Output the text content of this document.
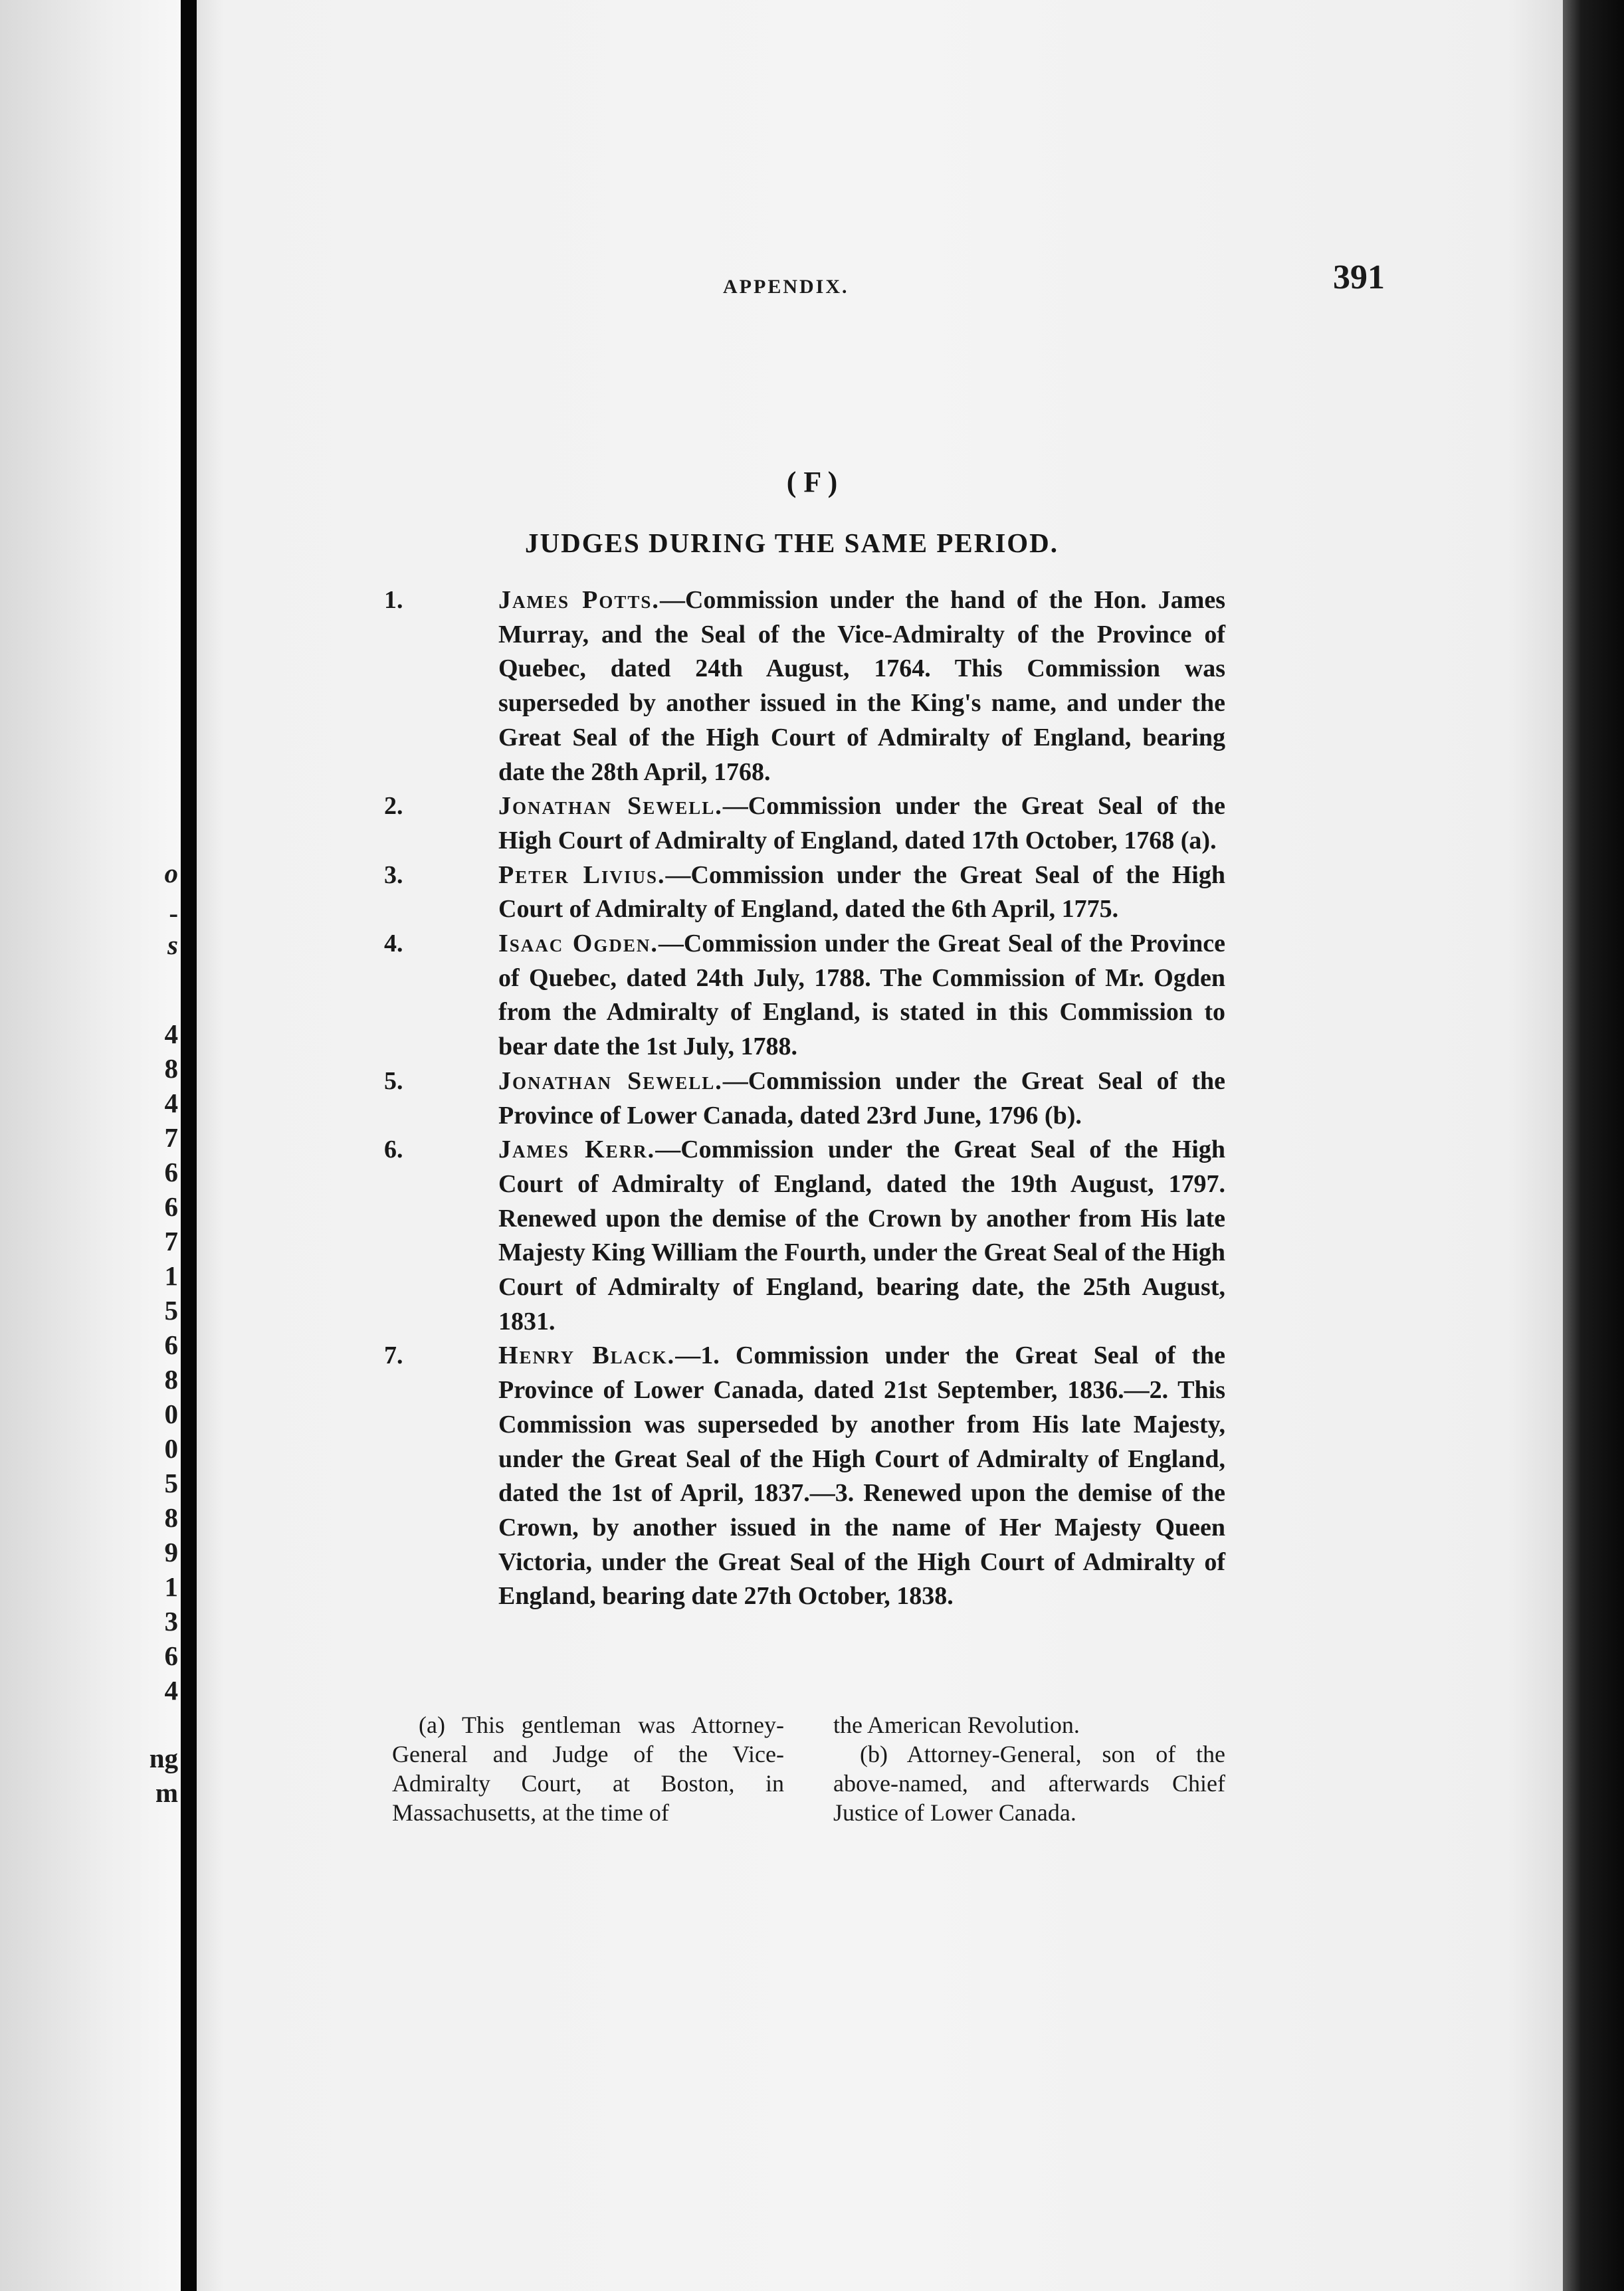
o

-

s

4

8

4

7

6

6

7

1

5

6

8

0

0

5

8

9

1

3

6

4

ng

m

APPENDIX.	391

( F )

JUDGES DURING THE SAME PERIOD.

1.	James Potts.—Commission under the hand of the Hon. James Murray, and the Seal of the Vice-Admiralty of the Province of Quebec, dated 24th August, 1764. This Commission was superseded by another issued in the King's name, and under the Great Seal of the High Court of Admiralty of England, bearing date the 28th April, 1768.
2.	Jonathan Sewell.—Commission under the Great Seal of the High Court of Admiralty of England, dated 17th October, 1768 (a).
3.	Peter Livius.—Commission under the Great Seal of the High Court of Admiralty of England, dated the 6th April, 1775.
4.	Isaac Ogden.—Commission under the Great Seal of the Province of Quebec, dated 24th July, 1788. The Commission of Mr. Ogden from the Admiralty of England, is stated in this Commission to bear date the 1st July, 1788.
5.	Jonathan Sewell.—Commission under the Great Seal of the Province of Lower Canada, dated 23rd June, 1796 (b).
6.	James Kerr.—Commission under the Great Seal of the High Court of Admiralty of England, dated the 19th August, 1797. Renewed upon the demise of the Crown by another from His late Majesty King William the Fourth, under the Great Seal of the High Court of Admiralty of England, bearing date, the 25th August, 1831.
7.	Henry Black.—1. Commission under the Great Seal of the Province of Lower Canada, dated 21st September, 1836.—2. This Commission was superseded by another from His late Majesty, under the Great Seal of the High Court of Admiralty of England, dated the 1st of April, 1837.—3. Renewed upon the demise of the Crown, by another issued in the name of Her Majesty Queen Victoria, under the Great Seal of the High Court of Admiralty of England, bearing date 27th October, 1838.

(a) This gentleman was Attorney-General and Judge of the Vice-Admiralty Court, at Boston, in Massachusetts, at the time of

the American Revolution.

(b) Attorney-General, son of the above-named, and afterwards Chief Justice of Lower Canada.
